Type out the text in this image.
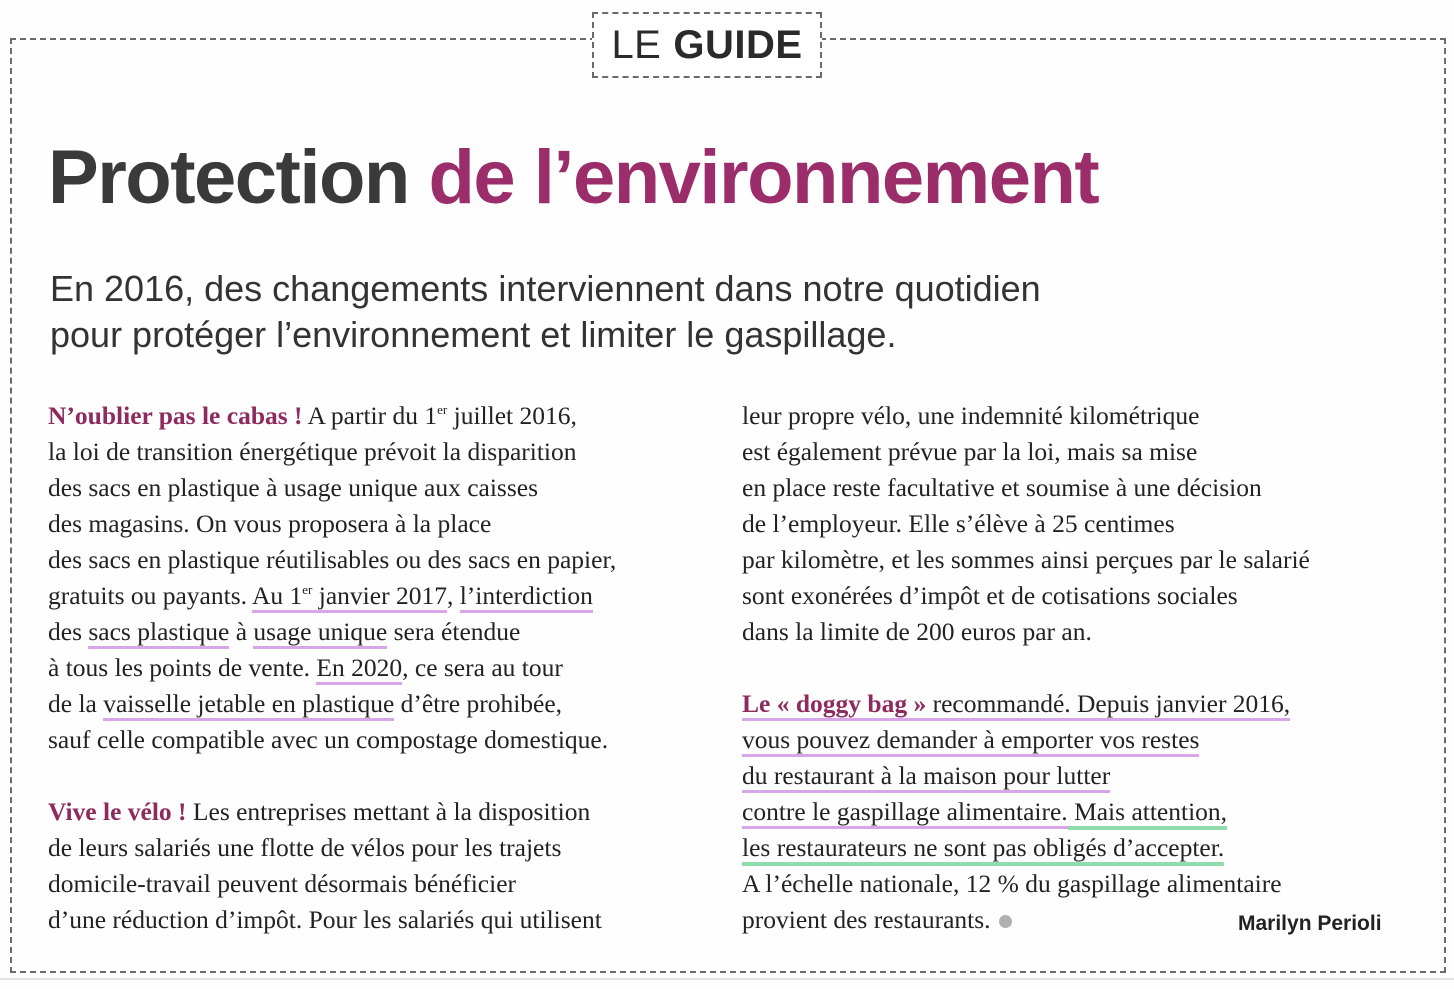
LE GUIDE
Protection de l’environnement
En 2016, des changements interviennent dans notre quotidien
pour protéger l’environnement et limiter le gaspillage.

N’oublier pas le cabas ! A partir du 1er juillet 2016,

la loi de transition énergétique prévoit la disparition

des sacs en plastique à usage unique aux caisses

des magasins. On vous proposera à la place

des sacs en plastique réutilisables ou des sacs en papier,

gratuits ou payants. Au 1er janvier 2017, l’interdiction

des sacs plastique à usage unique sera étendue

à tous les points de vente. En 2020, ce sera au tour

de la vaisselle jetable en plastique d’être prohibée,

sauf celle compatible avec un compostage domestique.

Vive le vélo ! Les entreprises mettant à la disposition

de leurs salariés une flotte de vélos pour les trajets

domicile-travail peuvent désormais bénéficier

d’une réduction d’impôt. Pour les salariés qui utilisent

leur propre vélo, une indemnité kilométrique

est également prévue par la loi, mais sa mise

en place reste facultative et soumise à une décision

de l’employeur. Elle s’élève à 25 centimes

par kilomètre, et les sommes ainsi perçues par le salarié

sont exonérées d’impôt et de cotisations sociales

dans la limite de 200 euros par an.

Le « doggy bag » recommandé. Depuis janvier 2016,

vous pouvez demander à emporter vos restes

du restaurant à la maison pour lutter

contre le gaspillage alimentaire. Mais attention,

les restaurateurs ne sont pas obligés d’accepter.

A l’échelle nationale, 12 % du gaspillage alimentaire

provient des restaurants.	Marilyn Perioli
